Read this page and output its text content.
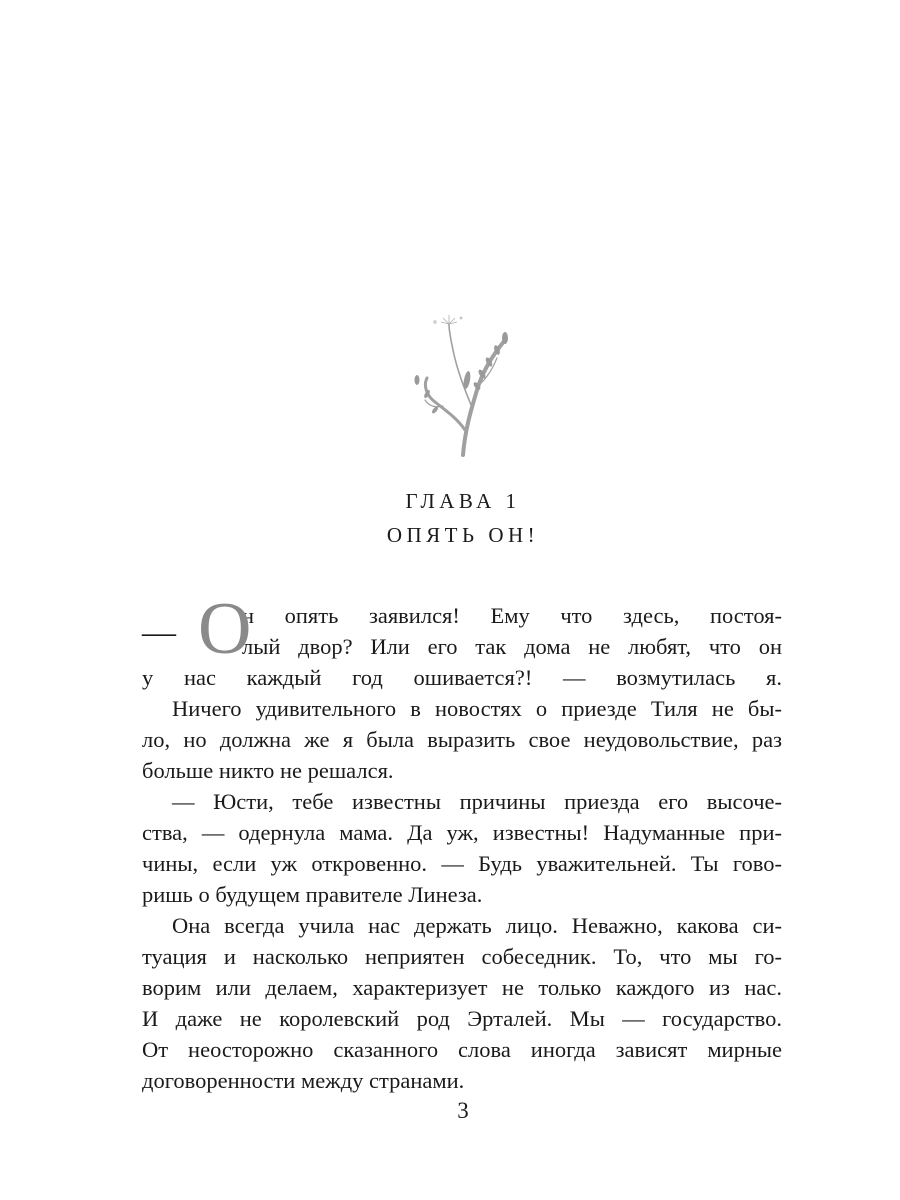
ГЛАВА 1
ОПЯТЬ ОН!
— О
н опять заявился! Ему что здесь, постоя-
лый двор? Или его так дома не любят, что он
у нас каждый год ошивается?! — возмутилась я.
Ничего удивительного в новостях о приезде Тиля не бы-
ло, но должна же я была выразить свое неудовольствие, раз
больше никто не решался.
— Юсти, тебе известны причины приезда его высоче-
ства, — одернула мама. Да уж, известны! Надуманные при-
чины, если уж откровенно. — Будь уважительней. Ты гово-
ришь о будущем правителе Линеза.
Она всегда учила нас держать лицо. Неважно, какова си-
туация и насколько неприятен собеседник. То, что мы го-
ворим или делаем, характеризует не только каждого из нас.
И даже не королевский род Эрталей. Мы — государство.
От неосторожно сказанного слова иногда зависят мирные
договоренности между странами.
3
